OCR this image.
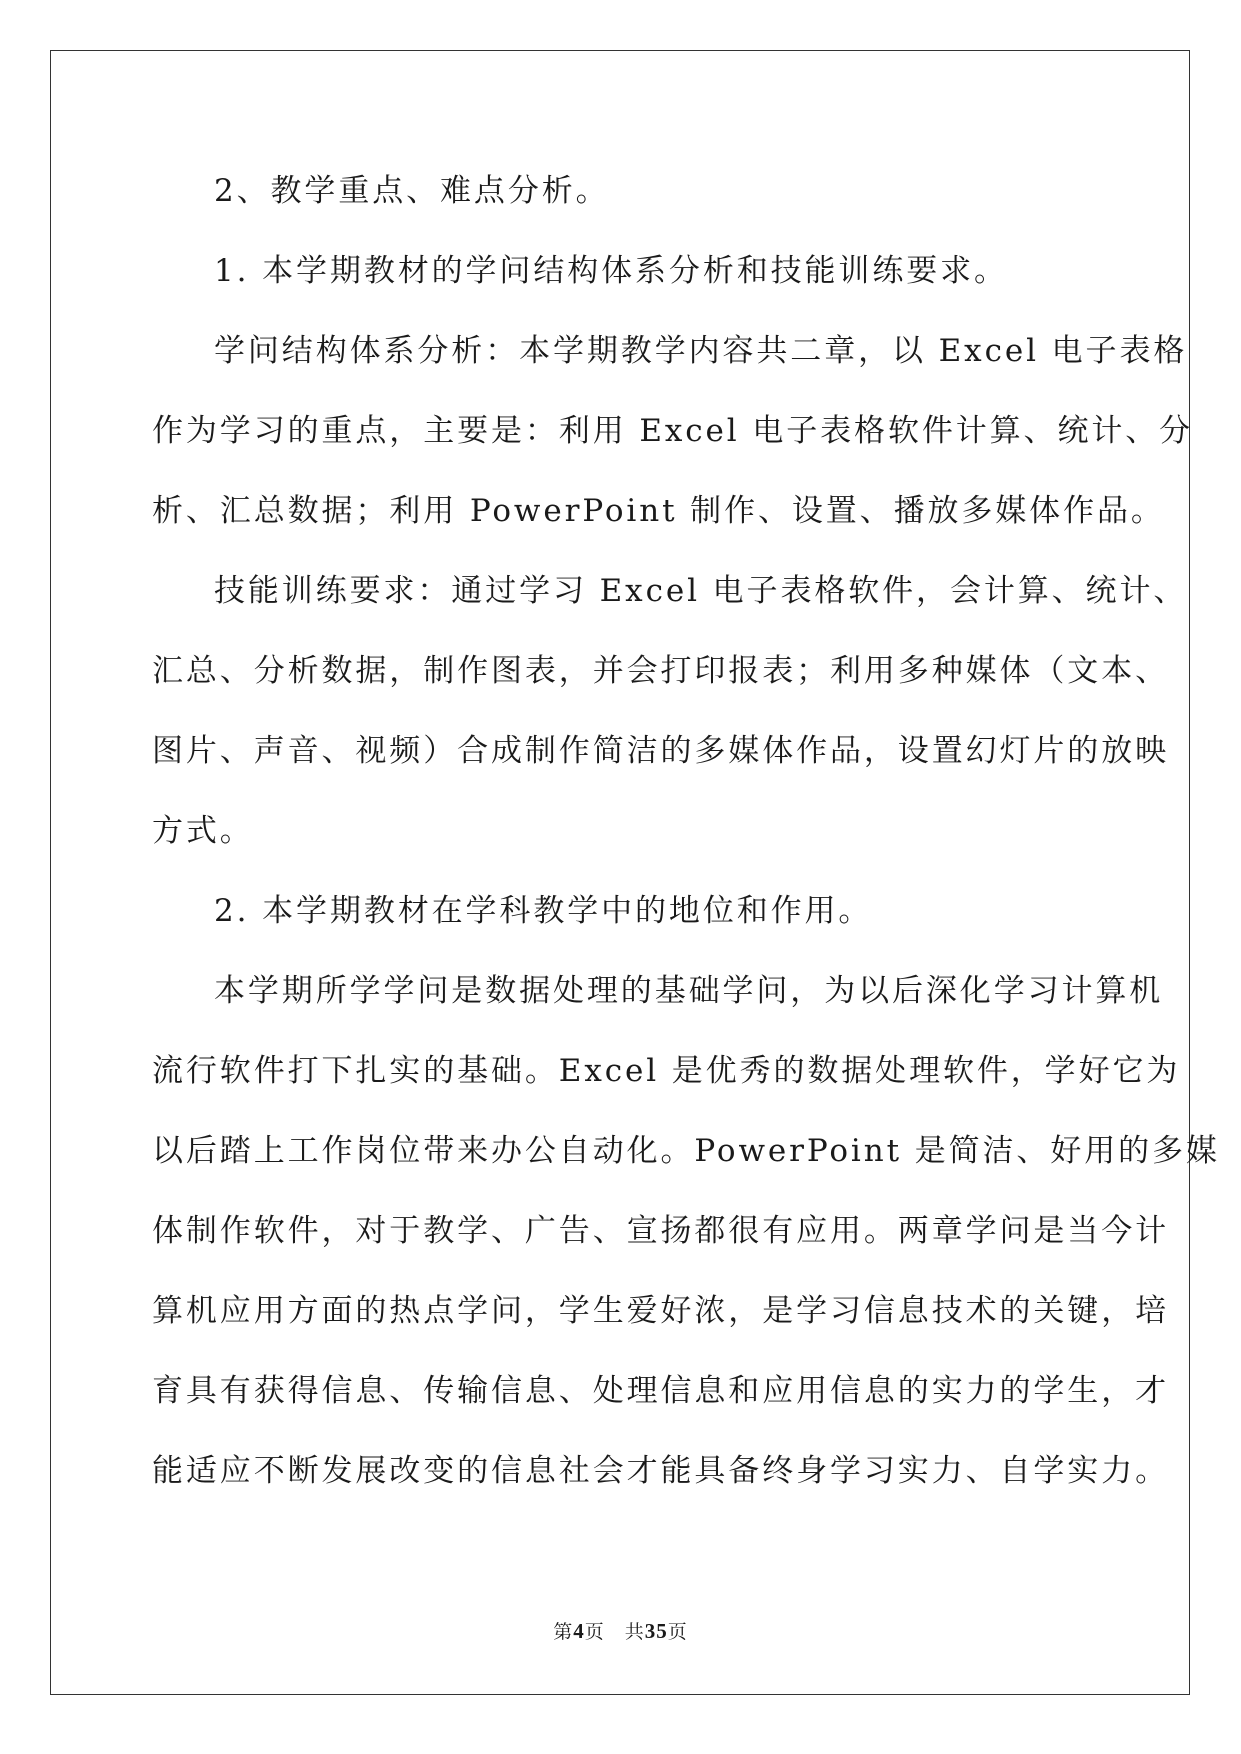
2、教学重点、难点分析。
1. 本学期教材的学问结构体系分析和技能训练要求。
学问结构体系分析：本学期教学内容共二章，以 Excel 电子表格
作为学习的重点，主要是：利用 Excel 电子表格软件计算、统计、分
析、汇总数据；利用 PowerPoint 制作、设置、播放多媒体作品。
技能训练要求：通过学习 Excel 电子表格软件，会计算、统计、
汇总、分析数据，制作图表，并会打印报表；利用多种媒体（文本、
图片、声音、视频）合成制作简洁的多媒体作品，设置幻灯片的放映
方式。
2. 本学期教材在学科教学中的地位和作用。
本学期所学学问是数据处理的基础学问，为以后深化学习计算机
流行软件打下扎实的基础。Excel 是优秀的数据处理软件，学好它为
以后踏上工作岗位带来办公自动化。PowerPoint 是简洁、好用的多媒
体制作软件，对于教学、广告、宣扬都很有应用。两章学问是当今计
算机应用方面的热点学问，学生爱好浓，是学习信息技术的关键，培
育具有获得信息、传输信息、处理信息和应用信息的实力的学生，才
能适应不断发展改变的信息社会才能具备终身学习实力、自学实力。
第4页 共35页
